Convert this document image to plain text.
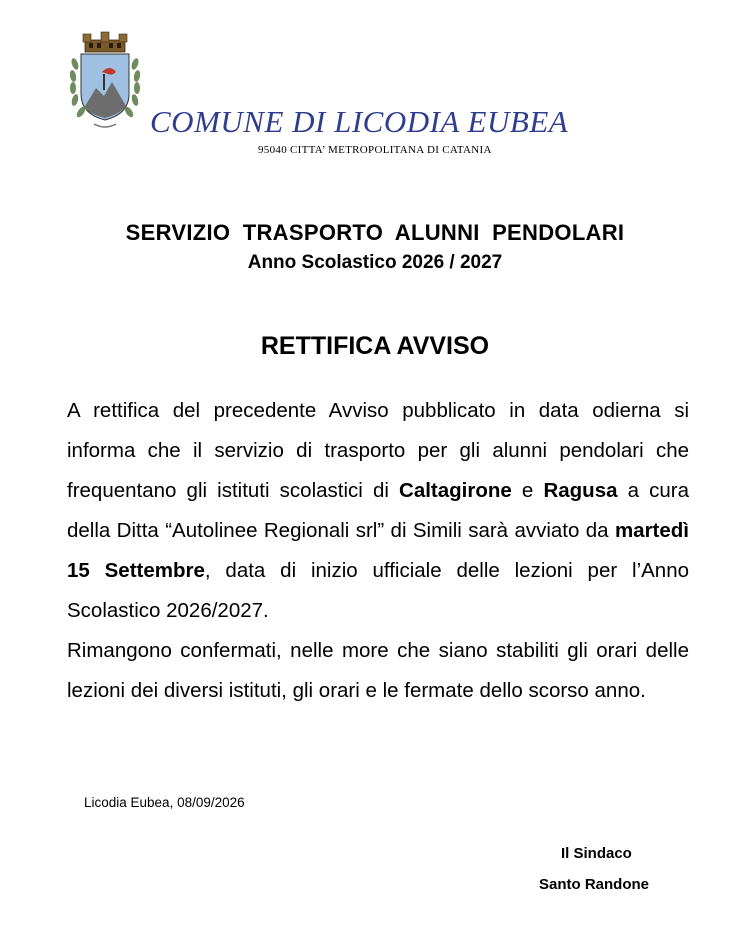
COMUNE DI LICODIA EUBEA
95040 CITTA’ METROPOLITANA DI CATANIA
SERVIZIO TRASPORTO ALUNNI PENDOLARI
Anno Scolastico 2026 / 2027
RETTIFICA AVVISO

A rettifica del precedente Avviso pubblicato in data odierna si informa che il servizio di trasporto per gli alunni pendolari che frequentano gli istituti scolastici di Caltagirone e Ragusa a cura della Ditta “Autolinee Regionali srl” di Simili sarà avviato da martedì 15 Settembre, data di inizio ufficiale delle lezioni per l’Anno Scolastico 2026/2027.

Rimangono confermati, nelle more che siano stabiliti gli orari delle lezioni dei diversi istituti, gli orari e le fermate dello scorso anno.

Licodia Eubea, 08/09/2026
Il Sindaco
Santo Randone
